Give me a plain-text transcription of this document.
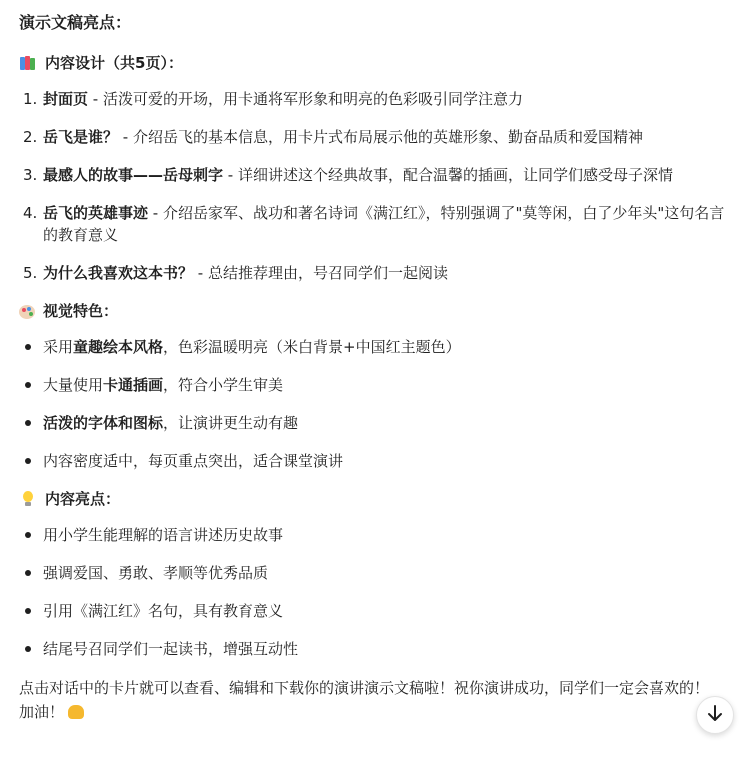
演示文稿亮点：
内容设计（共5页）：
1. 封面页 - 活泼可爱的开场，用卡通将军形象和明亮的色彩吸引同学注意力
2. 岳飞是谁？ - 介绍岳飞的基本信息，用卡片式布局展示他的英雄形象、勤奋品质和爱国精神
3. 最感人的故事——岳母刺字 - 详细讲述这个经典故事，配合温馨的插画，让同学们感受母子深情
4. 岳飞的英雄事迹 - 介绍岳家军、战功和著名诗词《满江红》，特别强调了"莫等闲，白了少年头"这句名言的教育意义
5. 为什么我喜欢这本书？ - 总结推荐理由，号召同学们一起阅读
视觉特色：
采用童趣绘本风格，色彩温暖明亮（米白背景+中国红主题色）
大量使用卡通插画，符合小学生审美
活泼的字体和图标，让演讲更生动有趣
内容密度适中，每页重点突出，适合课堂演讲
内容亮点：
用小学生能理解的语言讲述历史故事
强调爱国、勇敢、孝顺等优秀品质
引用《满江红》名句，具有教育意义
结尾号召同学们一起读书，增强互动性

点击对话中的卡片就可以查看、编辑和下载你的演讲演示文稿啦！祝你演讲成功，同学们一定会喜欢的！加油！
